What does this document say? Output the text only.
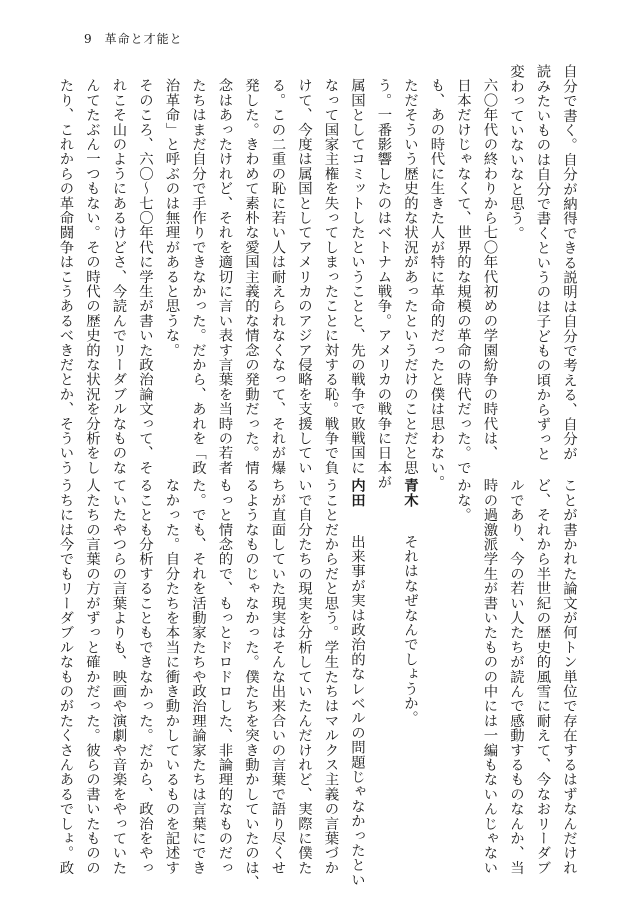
9 革命と才能と
自分で書く。自分が納得できる説明は自分で考える、自分が
読みたいものは自分で書くというのは子どもの頃からずっと
変わっていないなと思う。
六〇年代の終わりから七〇年代初めの学園紛争の時代は、
日本だけじゃなくて、世界的な規模の革命の時代だった。で
も、あの時代に生きた人が特に革命的だったと僕は思わない。
ただそういう歴史的な状況があったというだけのことだと思
う。一番影響したのはベトナム戦争。アメリカの戦争に日本が
属国としてコミットしたということと、先の戦争で敗戦国に
なって国家主権を失ってしまったことに対する恥。戦争で負
けて、今度は属国としてアメリカのアジア侵略を支援してい
る。この二重の恥に若い人は耐えられなくなって、それが爆
発した。きわめて素朴な愛国主義的な情念の発動だった。情
念はあったけれど、それを適切に言い表す言葉を当時の若者
たちはまだ自分で手作りできなかった。だから、あれを「政
治革命」と呼ぶのは無理があると思うな。
そのころ、六〇〜七〇年代に学生が書いた政治論文って、そ
れこそ山のようにあるけどさ、今読んでリーダブルなものな
んてたぶん一つもない。その時代の歴史的な状況を分析をし
たり、これからの革命闘争はこうあるべきだとか、そういう
ことが書かれた論文が何トン単位で存在するはずなんだけれ
ど、それから半世紀の歴史的風雪に耐えて、今なおリーダブ
ルであり、今の若い人たちが読んで感動するものなんか、当
時の過激派学生が書いたものの中には一編もないんじゃない
かな。
青木　それはなぜなんでしょうか。
内田　出来事が実は政治的なレベルの問題じゃなかったとい
うことだからだと思う。学生たちはマルクス主義の言葉づか
いで自分たちの現実を分析していたんだけれど、実際に僕た
ちが直面していた現実はそんな出来合いの言葉で語り尽くせ
るようなものじゃなかった。僕たちを突き動かしていたのは、
もっと情念的で、もっとドロドロした、非論理的なものだっ
た。でも、それを活動家たちや政治理論家たちは言葉にでき
なかった。自分たちを本当に衝き動かしているものを記述す
ることも分析することもできなかった。だから、政治をやっ
ていたやつらの言葉よりも、映画や演劇や音楽をやっていた
人たちの言葉の方がずっと確かだった。彼らの書いたものの
うちには今でもリーダブルなものがたくさんあるでしょ。政
